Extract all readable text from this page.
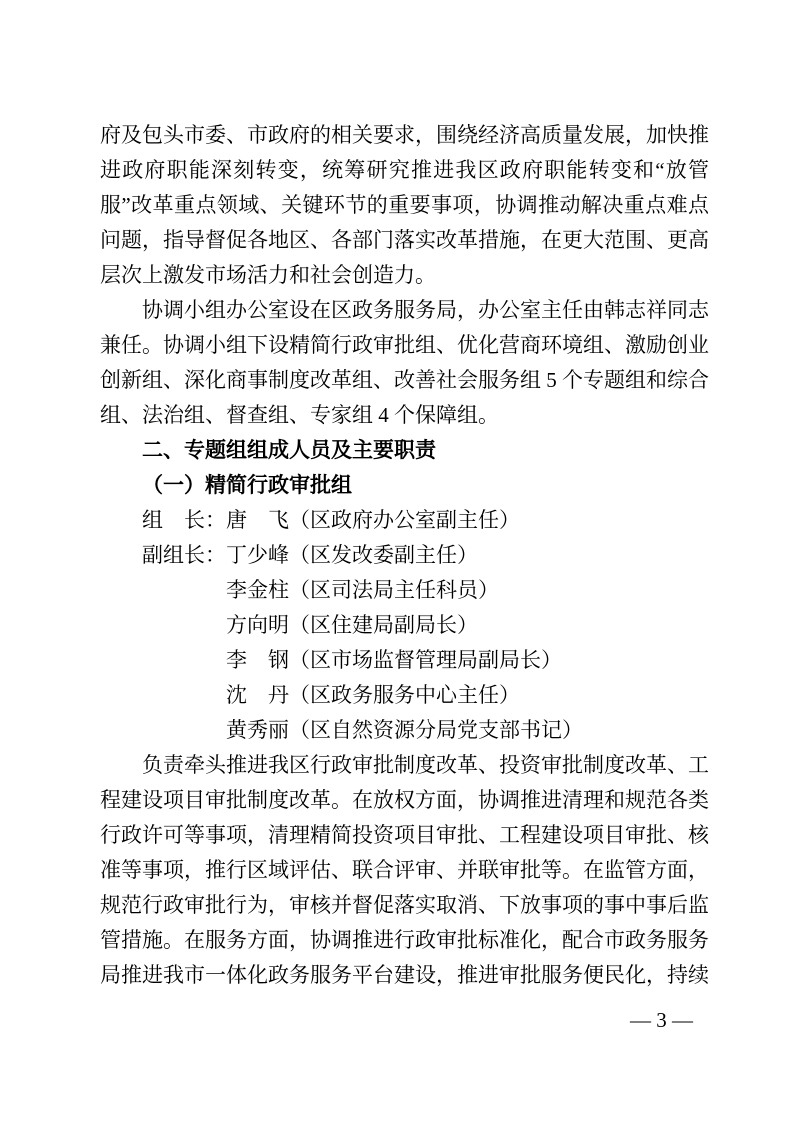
府及包头市委、市政府的相关要求，围绕经济高质量发展，加快推进政府职能深刻转变，统筹研究推进我区政府职能转变和“放管服”改革重点领域、关键环节的重要事项，协调推动解决重点难点问题，指导督促各地区、各部门落实改革措施，在更大范围、更高层次上激发市场活力和社会创造力。

协调小组办公室设在区政务服务局，办公室主任由韩志祥同志兼任。协调小组下设精简行政审批组、优化营商环境组、激励创业创新组、深化商事制度改革组、改善社会服务组 5 个专题组和综合组、法治组、督查组、专家组 4 个保障组。

二、专题组组成人员及主要职责

（一）精简行政审批组

组　长： 唐　飞 （区政府办公室副主任）
副组长： 丁少峰 （区发改委副主任）
李金柱 （区司法局主任科员）
方向明 （区住建局副局长）
李　钢 （区市场监督管理局副局长）
沈　丹 （区政务服务中心主任）
黄秀丽 （区自然资源分局党支部书记）

负责牵头推进我区行政审批制度改革、投资审批制度改革、工程建设项目审批制度改革。在放权方面，协调推进清理和规范各类行政许可等事项，清理精简投资项目审批、工程建设项目审批、核准等事项，推行区域评估、联合评审、并联审批等。在监管方面，规范行政审批行为，审核并督促落实取消、下放事项的事中事后监管措施。在服务方面，协调推进行政审批标准化，配合市政务服务局推进我市一体化政务服务平台建设，推进审批服务便民化，持续

— 3 —
